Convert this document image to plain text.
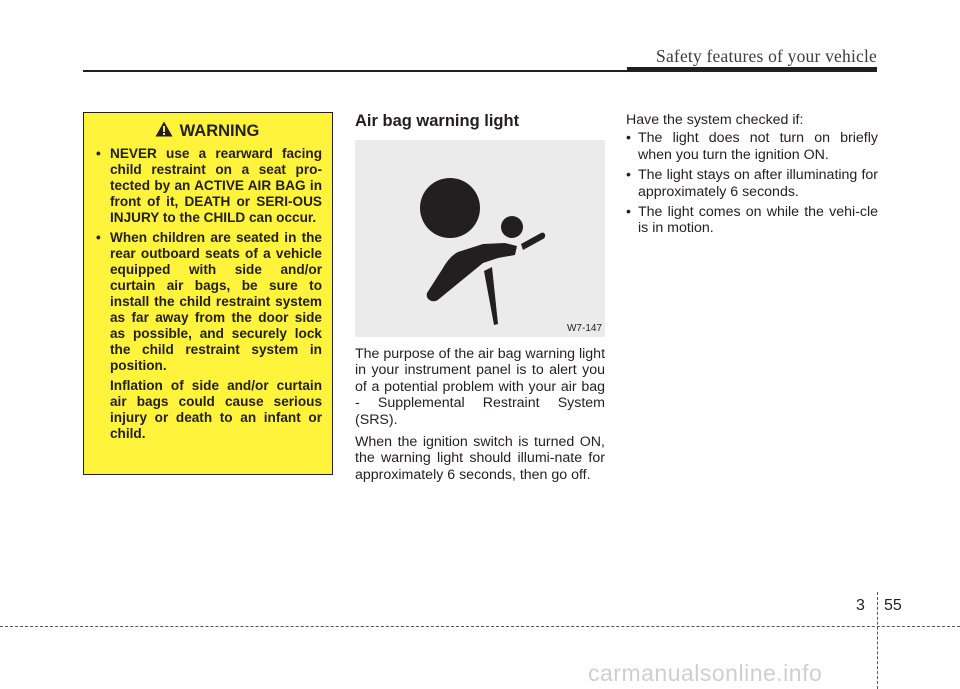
Safety features of your vehicle
WARNING
• NEVER use a rearward facing child restraint on a seat pro-tected by an ACTIVE AIR BAG in front of it, DEATH or SERI-OUS INJURY to the CHILD can occur.
• When children are seated in the rear outboard seats of a vehicle equipped with side and/or curtain air bags, be sure to install the child restraint system as far away from the door side as possible, and securely lock the child restraint system in position.
Inflation of side and/or curtain air bags could cause serious injury or death to an infant or child.
Air bag warning light
W7-147

The purpose of the air bag warning light in your instrument panel is to alert you of a potential problem with your air bag - Supplemental Restraint System (SRS).

When the ignition switch is turned ON, the warning light should illumi-nate for approximately 6 seconds, then go off.

Have the system checked if:

• The light does not turn on briefly when you turn the ignition ON.
• The light stays on after illuminating for approximately 6 seconds.
• The light comes on while the vehi-cle is in motion.
3 55
carmanualsonline.info
